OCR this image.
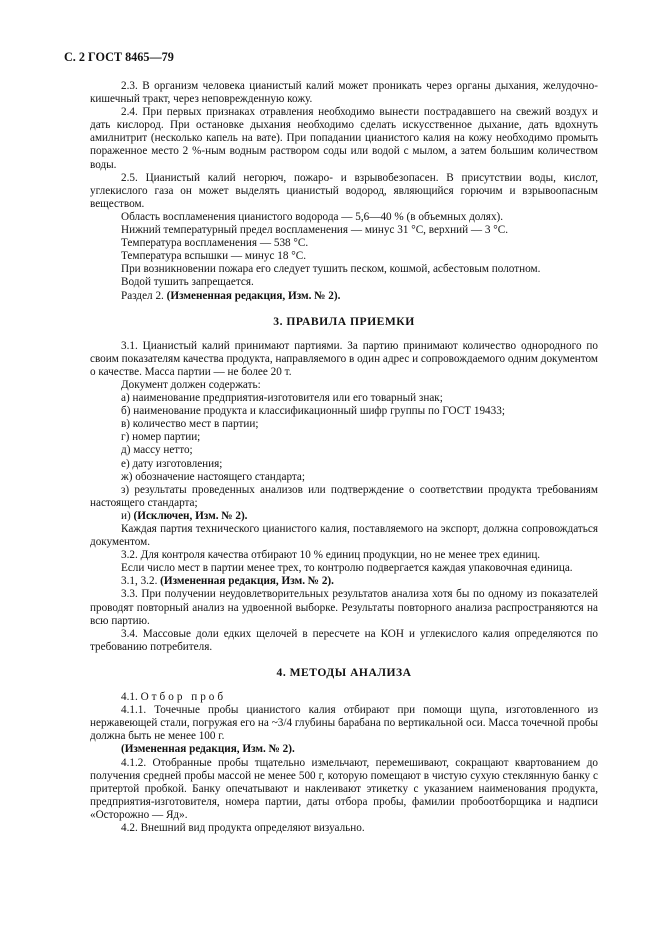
С. 2 ГОСТ 8465—79

2.3. В организм человека цианистый калий может проникать через органы дыхания, желудочно-кишечный тракт, через неповрежденную кожу.

2.4. При первых признаках отравления необходимо вынести пострадавшего на свежий воздух и дать кислород. При остановке дыхания необходимо сделать искусственное дыхание, дать вдохнуть амилнитрит (несколько капель на вате). При попадании цианистого калия на кожу необходимо промыть пораженное место 2 %-ным водным раствором соды или водой с мылом, а затем большим количеством воды.

2.5. Цианистый калий негорюч, пожаро- и взрывобезопасен. В присутствии воды, кислот, углекислого газа он может выделять цианистый водород, являющийся горючим и взрывоопасным веществом.

Область воспламенения цианистого водорода — 5,6—40 % (в объемных долях).

Нижний температурный предел воспламенения — минус 31 °С, верхний — 3 °С.

Температура воспламенения — 538 °С.

Температура вспышки — минус 18 °С.

При возникновении пожара его следует тушить песком, кошмой, асбестовым полотном.

Водой тушить запрещается.

Раздел 2. (Измененная редакция, Изм. № 2).

3. ПРАВИЛА ПРИЕМКИ

3.1. Цианистый калий принимают партиями. За партию принимают количество однородного по своим показателям качества продукта, направляемого в один адрес и сопровождаемого одним документом о качестве. Масса партии — не более 20 т.

Документ должен содержать:

а) наименование предприятия-изготовителя или его товарный знак;

б) наименование продукта и классификационный шифр группы по ГОСТ 19433;

в) количество мест в партии;

г) номер партии;

д) массу нетто;

е) дату изготовления;

ж) обозначение настоящего стандарта;

з) результаты проведенных анализов или подтверждение о соответствии продукта требованиям настоящего стандарта;

и) (Исключен, Изм. № 2).

Каждая партия технического цианистого калия, поставляемого на экспорт, должна сопровождаться документом.

3.2. Для контроля качества отбирают 10 % единиц продукции, но не менее трех единиц.

Если число мест в партии менее трех, то контролю подвергается каждая упаковочная единица.

3.1, 3.2. (Измененная редакция, Изм. № 2).

3.3. При получении неудовлетворительных результатов анализа хотя бы по одному из показателей проводят повторный анализ на удвоенной выборке. Результаты повторного анализа распространяются на всю партию.

3.4. Массовые доли едких щелочей в пересчете на КОН и углекислого калия определяются по требованию потребителя.

4. МЕТОДЫ АНАЛИЗА

4.1. Отбор проб

4.1.1. Точечные пробы цианистого калия отбирают при помощи щупа, изготовленного из нержавеющей стали, погружая его на ~3/4 глубины барабана по вертикальной оси. Масса точечной пробы должна быть не менее 100 г.

(Измененная редакция, Изм. № 2).

4.1.2. Отобранные пробы тщательно измельчают, перемешивают, сокращают квартованием до получения средней пробы массой не менее 500 г, которую помещают в чистую сухую стеклянную банку с притертой пробкой. Банку опечатывают и наклеивают этикетку с указанием наименования продукта, предприятия-изготовителя, номера партии, даты отбора пробы, фамилии пробоотборщика и надписи «Осторожно — Яд».

4.2. Внешний вид продукта определяют визуально.
